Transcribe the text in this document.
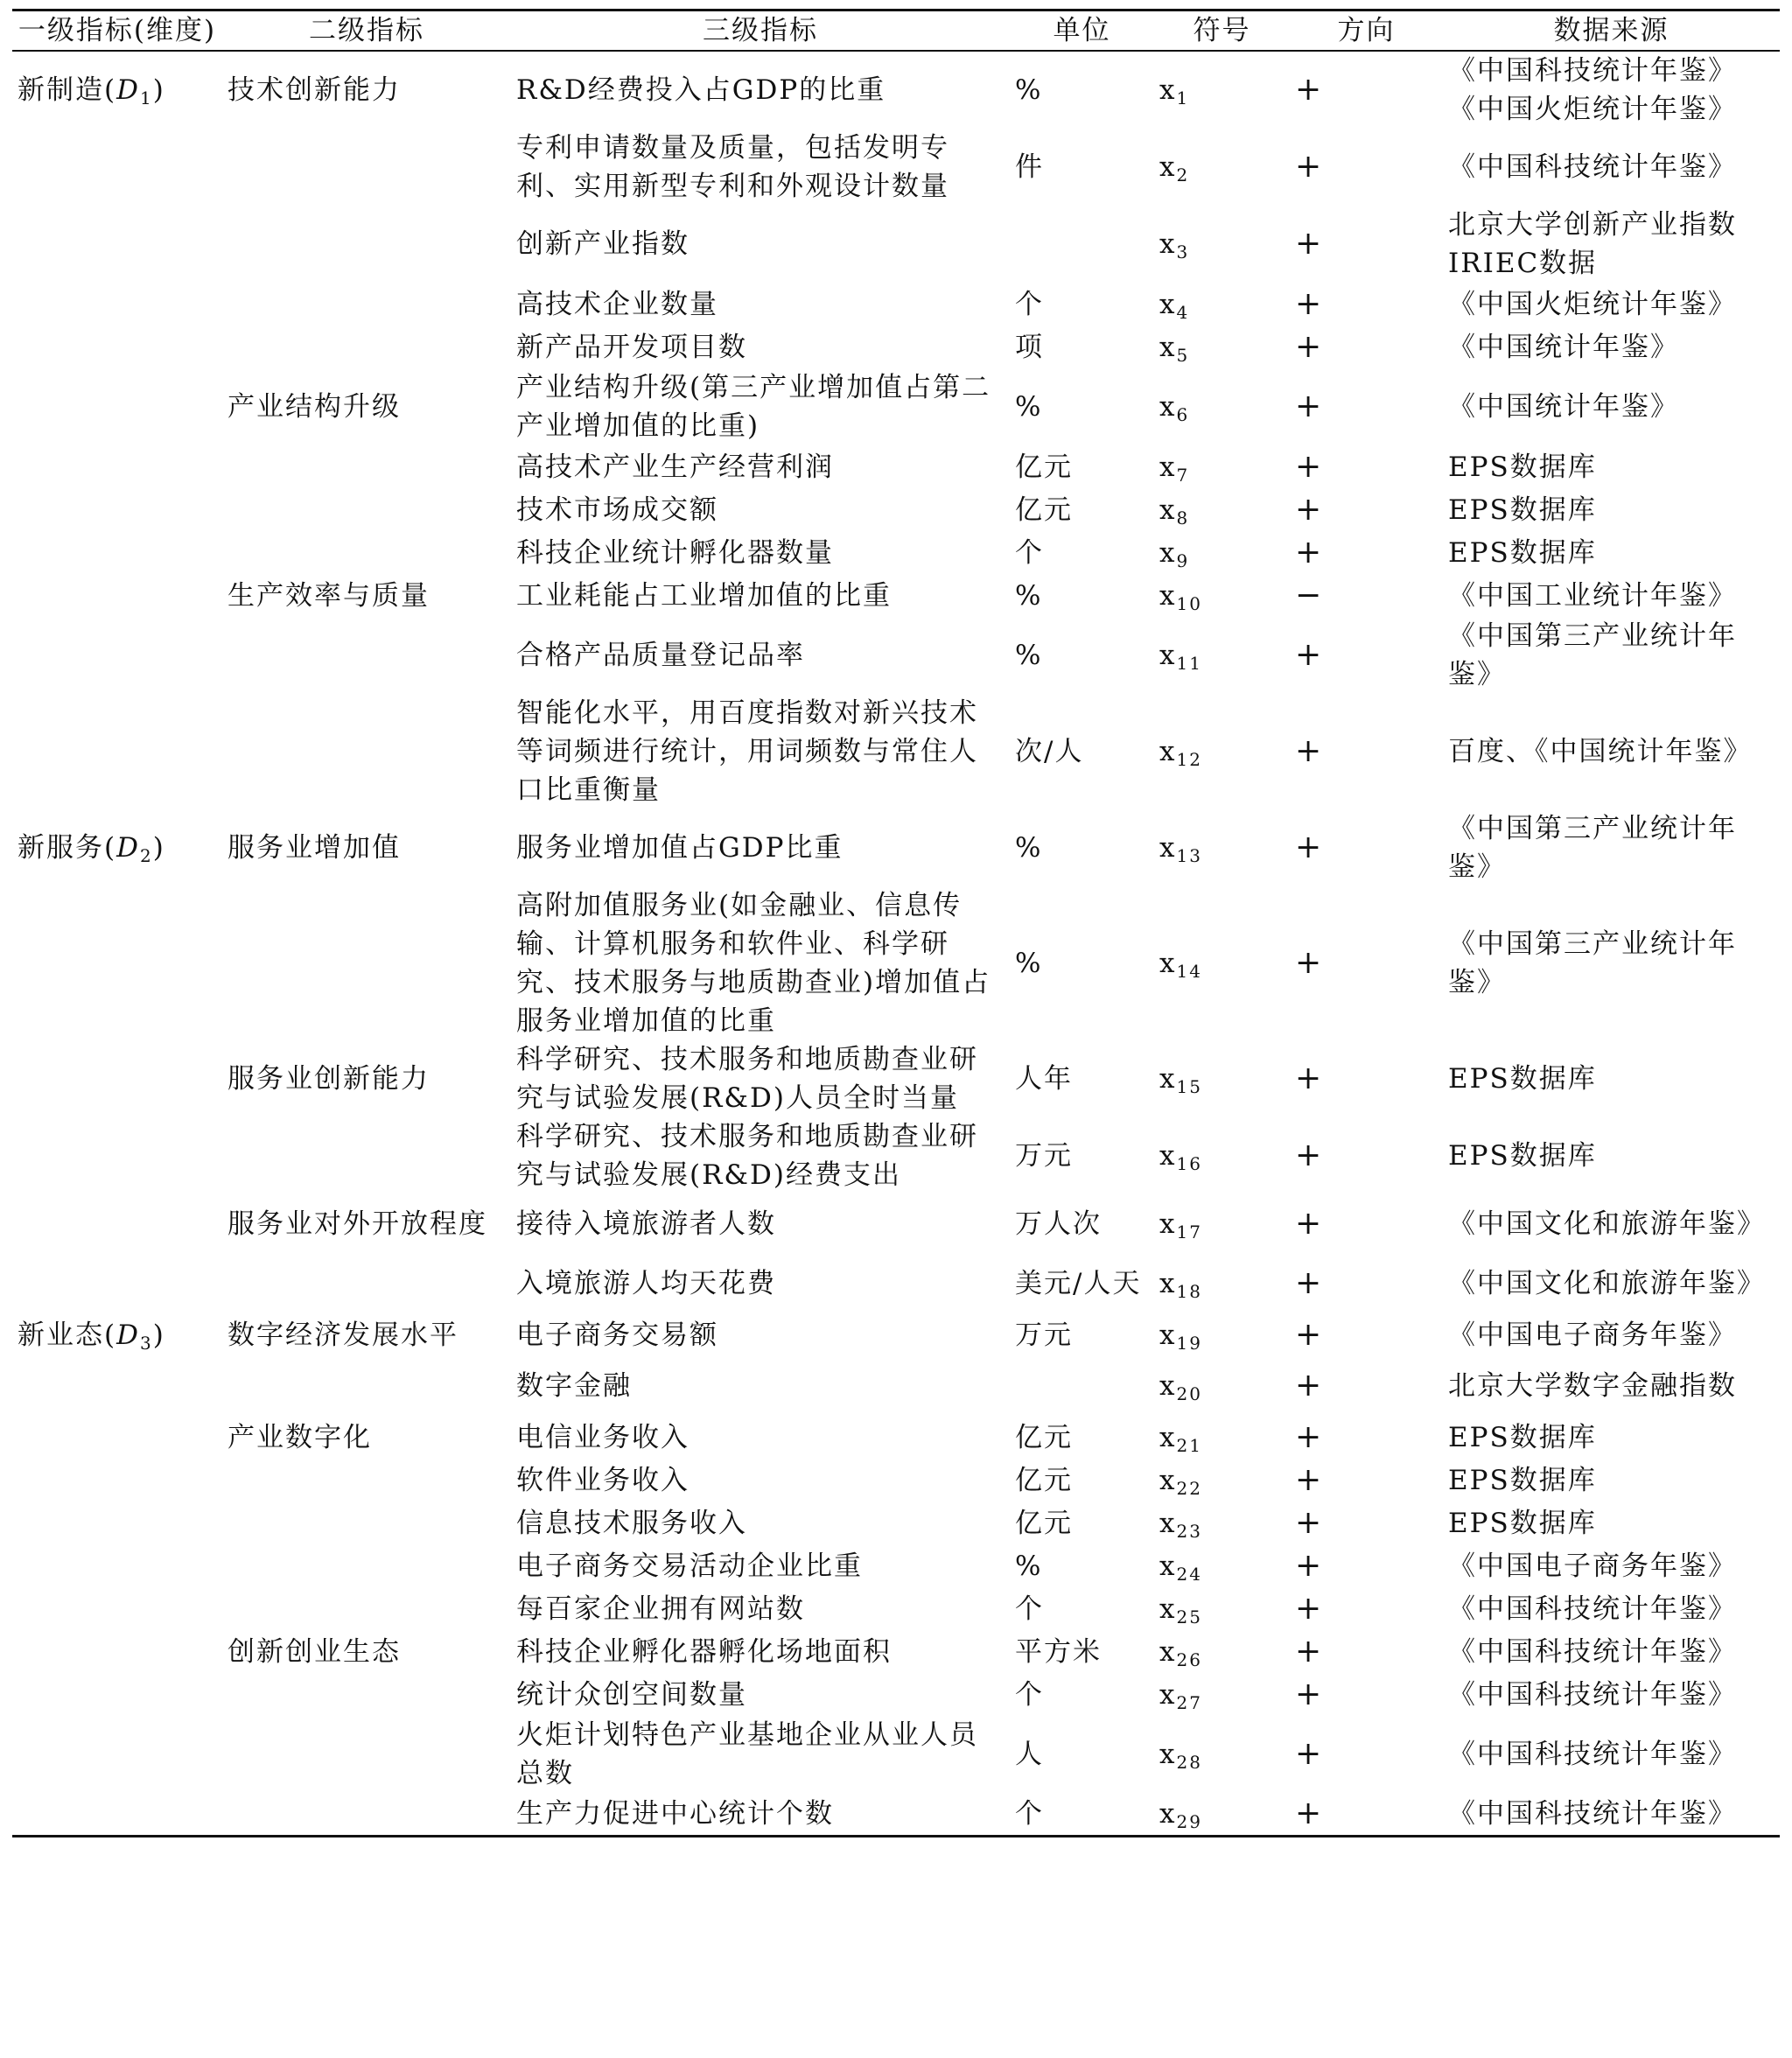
一级指标(维度)	二级指标	三级指标	单位	符号	方向	数据来源
新制造$(D_1)$	技术创新能力	R&D经费投入占GDP的比重	%	$x_1$	+	《中国科技统计年鉴》《中国火炬统计年鉴》
		专利申请数量及质量，包括发明专利、实用新型专利和外观设计数量	件	$x_2$	+	《中国科技统计年鉴》
		创新产业指数		$x_3$	+	北京大学创新产业指数IRIEC数据
		高技术企业数量	个	$x_4$	+	《中国火炬统计年鉴》
		新产品开发项目数	项	$x_5$	+	《中国统计年鉴》
	产业结构升级	产业结构升级(第三产业增加值占第二产业增加值的比重)	%	$x_6$	+	《中国统计年鉴》
		高技术产业生产经营利润	亿元	$x_7$	+	EPS数据库
		技术市场成交额	亿元	$x_8$	+	EPS数据库
		科技企业统计孵化器数量	个	$x_9$	+	EPS数据库
	生产效率与质量	工业耗能占工业增加值的比重	%	$x_{10}$	−	《中国工业统计年鉴》
		合格产品质量登记品率	%	$x_{11}$	+	《中国第三产业统计年鉴》
		智能化水平，用百度指数对新兴技术等词频进行统计，用词频数与常住人口比重衡量	次/人	$x_{12}$	+	百度、《中国统计年鉴》
新服务$(D_2)$	服务业增加值	服务业增加值占GDP比重	%	$x_{13}$	+	《中国第三产业统计年鉴》
		高附加值服务业(如金融业、信息传输、计算机服务和软件业、科学研究、技术服务与地质勘查业)增加值占服务业增加值的比重	%	$x_{14}$	+	《中国第三产业统计年鉴》
	服务业创新能力	科学研究、技术服务和地质勘查业研究与试验发展(R&D)人员全时当量	人年	$x_{15}$	+	EPS数据库
		科学研究、技术服务和地质勘查业研究与试验发展(R&D)经费支出	万元	$x_{16}$	+	EPS数据库
	服务业对外开放程度	接待入境旅游者人数	万人次	$x_{17}$	+	《中国文化和旅游年鉴》
		入境旅游人均天花费	美元/人天	$x_{18}$	+	《中国文化和旅游年鉴》
新业态$(D_3)$	数字经济发展水平	电子商务交易额	万元	$x_{19}$	+	《中国电子商务年鉴》
		数字金融		$x_{20}$	+	北京大学数字金融指数
	产业数字化	电信业务收入	亿元	$x_{21}$	+	EPS数据库
		软件业务收入	亿元	$x_{22}$	+	EPS数据库
		信息技术服务收入	亿元	$x_{23}$	+	EPS数据库
		电子商务交易活动企业比重	%	$x_{24}$	+	《中国电子商务年鉴》
		每百家企业拥有网站数	个	$x_{25}$	+	《中国科技统计年鉴》
	创新创业生态	科技企业孵化器孵化场地面积	平方米	$x_{26}$	+	《中国科技统计年鉴》
		统计众创空间数量	个	$x_{27}$	+	《中国科技统计年鉴》
		火炬计划特色产业基地企业从业人员总数	人	$x_{28}$	+	《中国科技统计年鉴》
		生产力促进中心统计个数	个	$x_{29}$	+	《中国科技统计年鉴》
